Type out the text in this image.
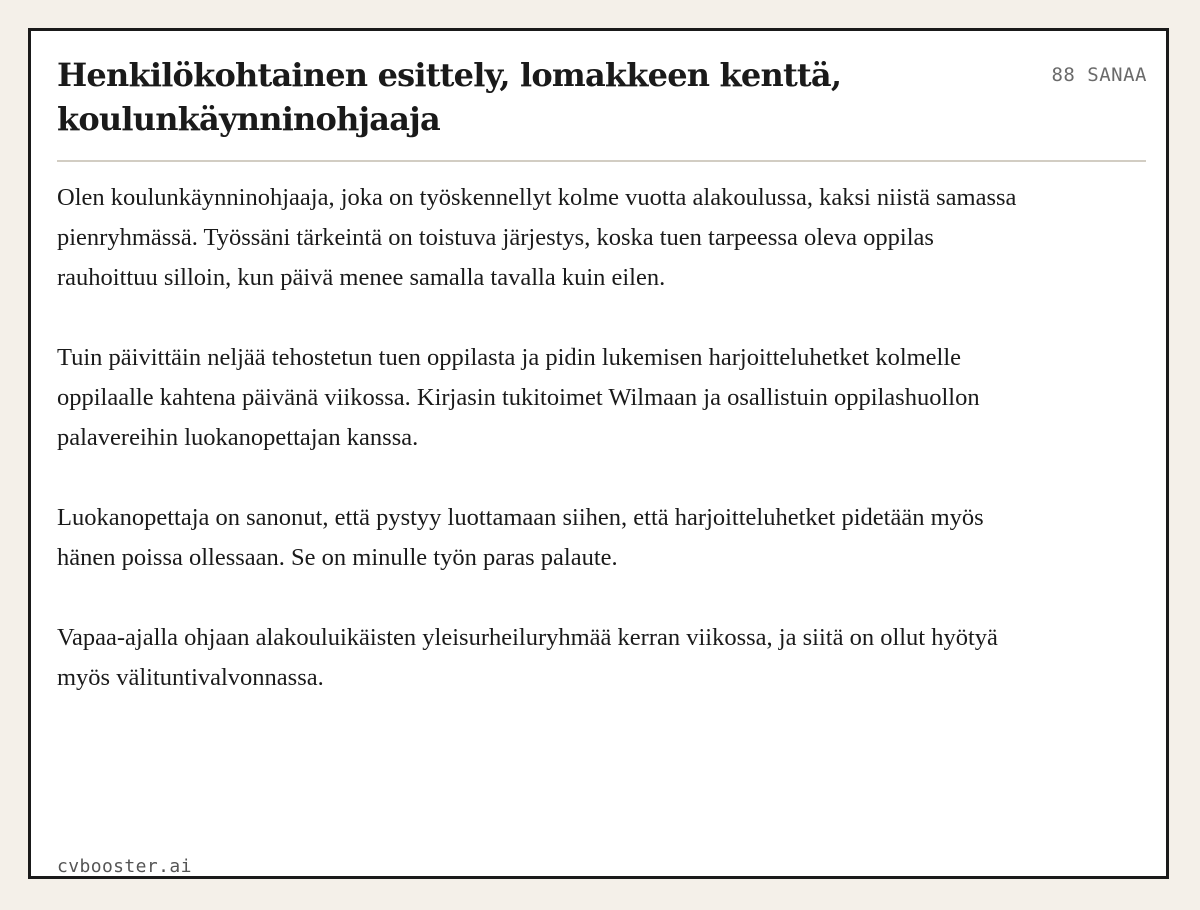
Henkilökohtainen esittely, lomakkeen kenttä, koulunkäynninohjaaja
88 SANAA

Olen koulunkäynninohjaaja, joka on työskennellyt kolme vuotta alakoulussa, kaksi niistä samassa pienryhmässä. Työssäni tärkeintä on toistuva järjestys, koska tuen tarpeessa oleva oppilas rauhoittuu silloin, kun päivä menee samalla tavalla kuin eilen.

Tuin päivittäin neljää tehostetun tuen oppilasta ja pidin lukemisen harjoitteluhetket kolmelle oppilaalle kahtena päivänä viikossa. Kirjasin tukitoimet Wilmaan ja osallistuin oppilashuollon palavereihin luokanopettajan kanssa.

Luokanopettaja on sanonut, että pystyy luottamaan siihen, että harjoitteluhetket pidetään myös hänen poissa ollessaan. Se on minulle työn paras palaute.

Vapaa-ajalla ohjaan alakouluikäisten yleisurheiluryhmää kerran viikossa, ja siitä on ollut hyötyä myös välituntivalvonnassa.

cvbooster.ai
